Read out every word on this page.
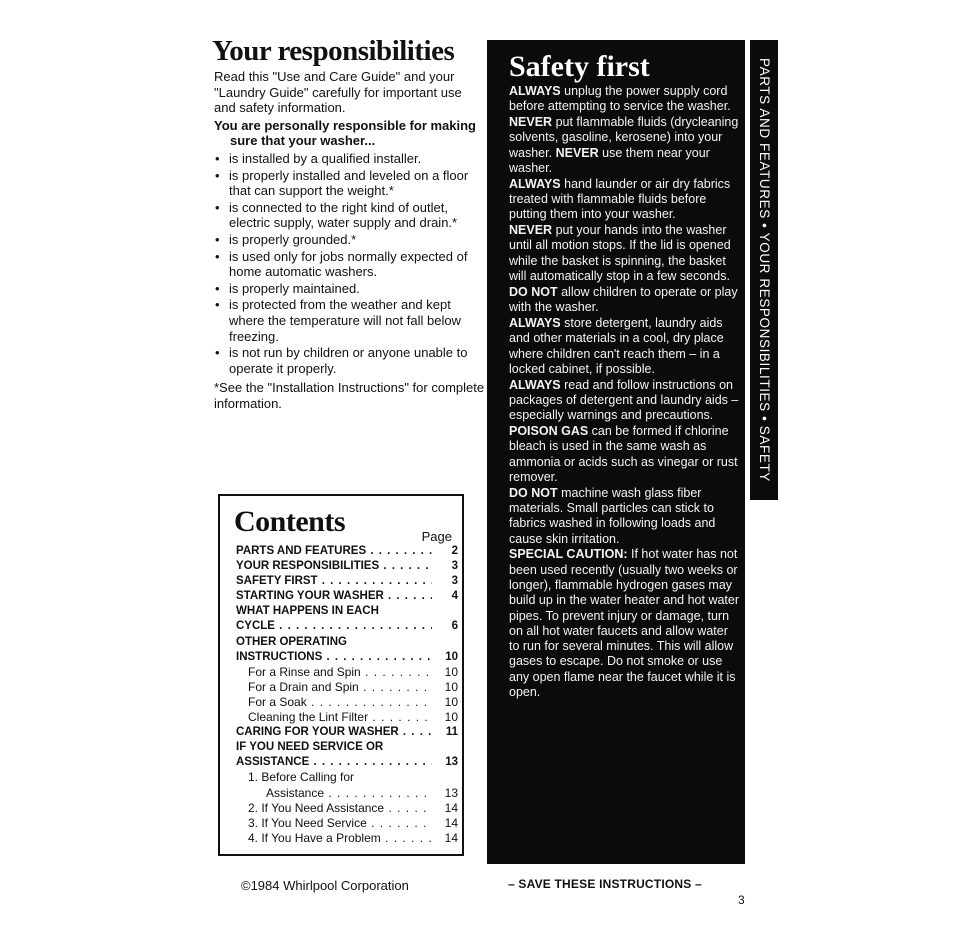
Your responsibilities

Read this "Use and Care Guide" and your "Laundry Guide" carefully for important use and safety information.

You are personally responsible for making sure that your washer...

• is installed by a qualified installer.
• is properly installed and leveled on a floor that can support the weight.*
• is connected to the right kind of outlet, electric supply, water supply and drain.*
• is properly grounded.*
• is used only for jobs normally expected of home automatic washers.
• is properly maintained.
• is protected from the weather and kept where the temperature will not fall below freezing.
• is not run by children or anyone unable to operate it properly.

*See the "Installation Instructions" for complete information.

Contents	Page
PARTS AND FEATURES . . .	2
YOUR RESPONSIBILITIES . . .	3
SAFETY FIRST . . .	3
STARTING YOUR WASHER . . .	4
WHAT HAPPENS IN EACH
CYCLE . . .	6
OTHER OPERATING
INSTRUCTIONS . . .	10
For a Rinse and Spin . . .	10
For a Drain and Spin . . .	10
For a Soak . . .	10
Cleaning the Lint Filter . . .	10
CARING FOR YOUR WASHER . . .	11
IF YOU NEED SERVICE OR
ASSISTANCE . . .	13
1. Before Calling for
Assistance . . .	13
2. If You Need Assistance . . .	14
3. If You Need Service . . .	14
4. If You Have a Problem . . .	14
Safety first

ALWAYS unplug the power supply cord before attempting to service the washer.

NEVER put flammable fluids (drycleaning solvents, gasoline, kerosene) into your washer. NEVER use them near your washer.

ALWAYS hand launder or air dry fabrics treated with flammable fluids before putting them into your washer.

NEVER put your hands into the washer until all motion stops. If the lid is opened while the basket is spinning, the basket will automatically stop in a few seconds.

DO NOT allow children to operate or play with the washer.

ALWAYS store detergent, laundry aids and other materials in a cool, dry place where children can't reach them – in a locked cabinet, if possible.

ALWAYS read and follow instructions on packages of detergent and laundry aids – especially warnings and precautions.

POISON GAS can be formed if chlorine bleach is used in the same wash as ammonia or acids such as vinegar or rust remover.

DO NOT machine wash glass fiber materials. Small particles can stick to fabrics washed in following loads and cause skin irritation.

SPECIAL CAUTION: If hot water has not been used recently (usually two weeks or longer), flammable hydrogen gases may build up in the water heater and hot water pipes. To prevent injury or damage, turn on all hot water faucets and allow water to run for several minutes. This will allow gases to escape. Do not smoke or use any open flame near the faucet while it is open.

PARTS AND FEATURES • YOUR RESPONSIBILITIES • SAFETY
©1984 Whirlpool Corporation	– SAVE THESE INSTRUCTIONS –
3
